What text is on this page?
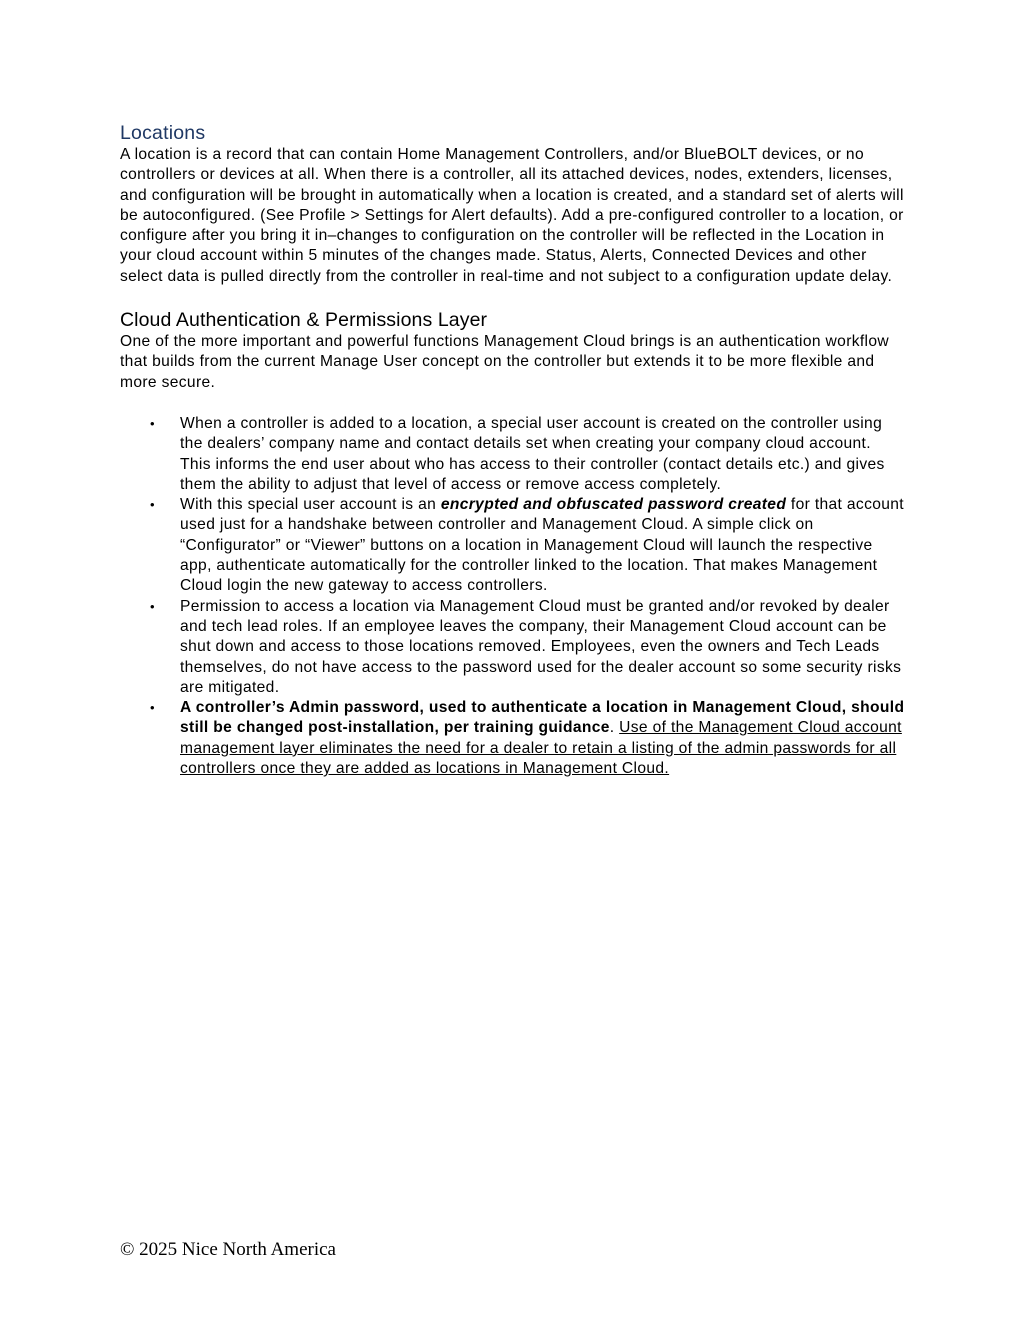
Locations

A location is a record that can contain Home Management Controllers, and/or BlueBOLT devices, or no controllers or devices at all. When there is a controller, all its attached devices, nodes, extenders, licenses, and configuration will be brought in automatically when a location is created, and a standard set of alerts will be autoconfigured. (See Profile > Settings for Alert defaults). Add a pre-configured controller to a location, or configure after you bring it in–changes to configuration on the controller will be reflected in the Location in your cloud account within 5 minutes of the changes made. Status, Alerts, Connected Devices and other select data is pulled directly from the controller in real-time and not subject to a configuration update delay.

Cloud Authentication & Permissions Layer

One of the more important and powerful functions Management Cloud brings is an authentication workflow that builds from the current Manage User concept on the controller but extends it to be more flexible and more secure.

• When a controller is added to a location, a special user account is created on the controller using the dealers’ company name and contact details set when creating your company cloud account. This informs the end user about who has access to their controller (contact details etc.) and gives them the ability to adjust that level of access or remove access completely.
• With this special user account is an encrypted and obfuscated password created for that account used just for a handshake between controller and Management Cloud. A simple click on “Configurator” or “Viewer” buttons on a location in Management Cloud will launch the respective app, authenticate automatically for the controller linked to the location. That makes Management Cloud login the new gateway to access controllers.
• Permission to access a location via Management Cloud must be granted and/or revoked by dealer and tech lead roles. If an employee leaves the company, their Management Cloud account can be shut down and access to those locations removed. Employees, even the owners and Tech Leads themselves, do not have access to the password used for the dealer account so some security risks are mitigated.
• A controller’s Admin password, used to authenticate a location in Management Cloud, should still be changed post-installation, per training guidance. Use of the Management Cloud account management layer eliminates the need for a dealer to retain a listing of the admin passwords for all controllers once they are added as locations in Management Cloud.
© 2025 Nice North America
